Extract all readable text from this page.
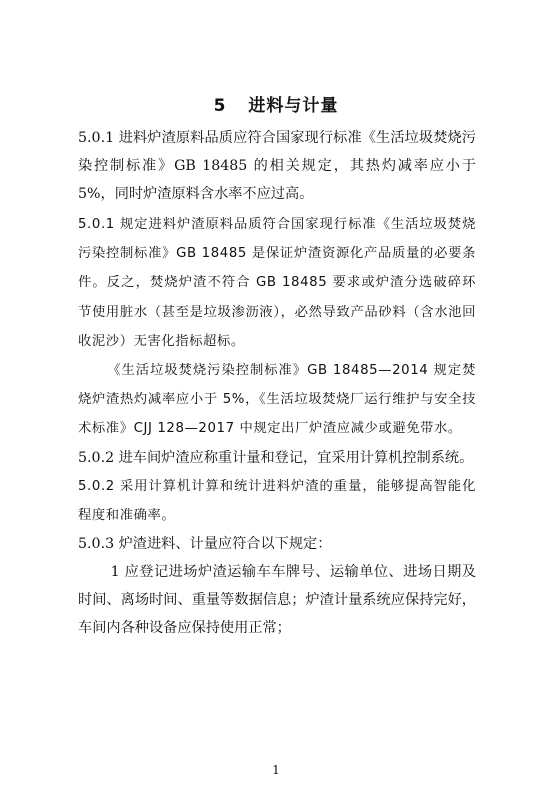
5 进料与计量

5.0.1 进料炉渣原料品质应符合国家现行标准《生活垃圾焚烧污染控制标准》GB 18485 的相关规定，其热灼减率应小于 5%，同时炉渣原料含水率不应过高。

5.0.1 规定进料炉渣原料品质符合国家现行标准《生活垃圾焚烧污染控制标准》GB 18485 是保证炉渣资源化产品质量的必要条件。反之，焚烧炉渣不符合 GB 18485 要求或炉渣分选破碎环节使用脏水（甚至是垃圾渗沥液），必然导致产品砂料（含水池回收泥沙）无害化指标超标。

《生活垃圾焚烧污染控制标准》GB 18485—2014 规定焚烧炉渣热灼减率应小于 5%，《生活垃圾焚烧厂运行维护与安全技术标准》CJJ 128—2017 中规定出厂炉渣应减少或避免带水。

5.0.2 进车间炉渣应称重计量和登记，宜采用计算机控制系统。

5.0.2 采用计算机计算和统计进料炉渣的重量，能够提高智能化程度和准确率。

5.0.3 炉渣进料、计量应符合以下规定：

1 应登记进场炉渣运输车车牌号、运输单位、进场日期及时间、离场时间、重量等数据信息；炉渣计量系统应保持完好，车间内各种设备应保持使用正常；

1
